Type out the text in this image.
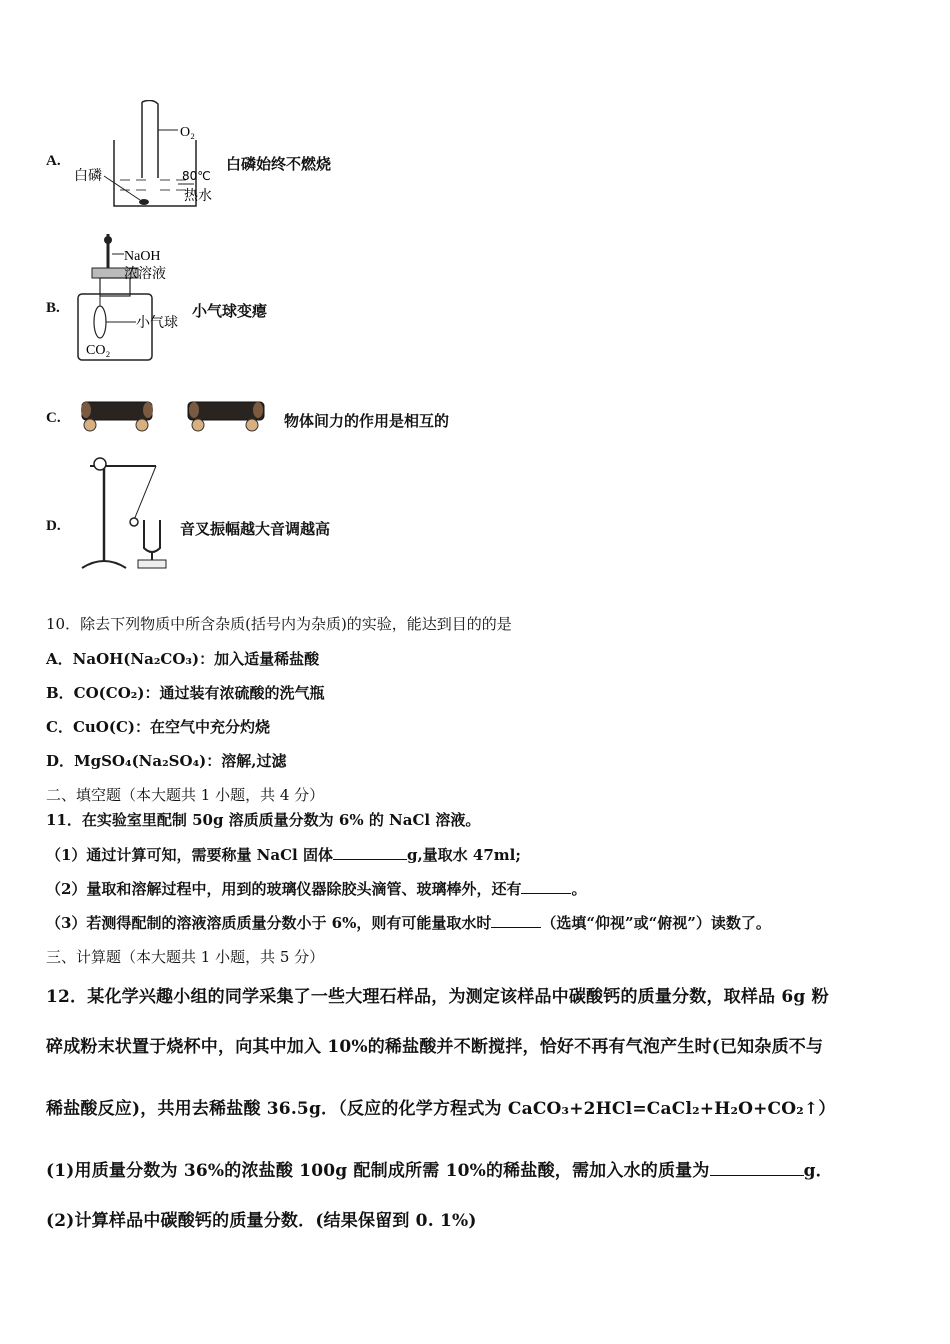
A.
O₂
白磷	80℃
热水
白磷始终不燃烧
B.
NaOH
浓溶液
小气球
CO₂
小气球变瘪
C.	物体间力的作用是相互的
D.	音叉振幅越大音调越高
10．除去下列物质中所含杂质(括号内为杂质)的实验，能达到目的的是
A．NaOH(Na₂CO₃)：加入适量稀盐酸
B．CO(CO₂)：通过装有浓硫酸的洗气瓶
C．CuO(C)：在空气中充分灼烧
D．MgSO₄(Na₂SO₄)：溶解,过滤
二、填空题（本大题共 1 小题，共 4 分）
11．在实验室里配制 50g 溶质质量分数为 6% 的 NaCl 溶液。
（1）通过计算可知，需要称量 NaCl 固体	g,量取水 47ml;
（2）量取和溶解过程中，用到的玻璃仪器除胶头滴管、玻璃棒外，还有	。
（3）若测得配制的溶液溶质质量分数小于 6%，则有可能量取水时	（选填“仰视”或“俯视”）读数了。
三、计算题（本大题共 1 小题，共 5 分）
12．某化学兴趣小组的同学采集了一些大理石样品，为测定该样品中碳酸钙的质量分数，取样品 6g 粉
碎成粉末状置于烧杯中，向其中加入 10%的稀盐酸并不断搅拌，恰好不再有气泡产生时(已知杂质不与
稀盐酸反应)，共用去稀盐酸 36.5g．（反应的化学方程式为 CaCO₃+2HCl=CaCl₂+H₂O+CO₂↑）
(1)用质量分数为 36%的浓盐酸 100g 配制成所需 10%的稀盐酸，需加入水的质量为	g．
(2)计算样品中碳酸钙的质量分数．(结果保留到 0. 1%)
